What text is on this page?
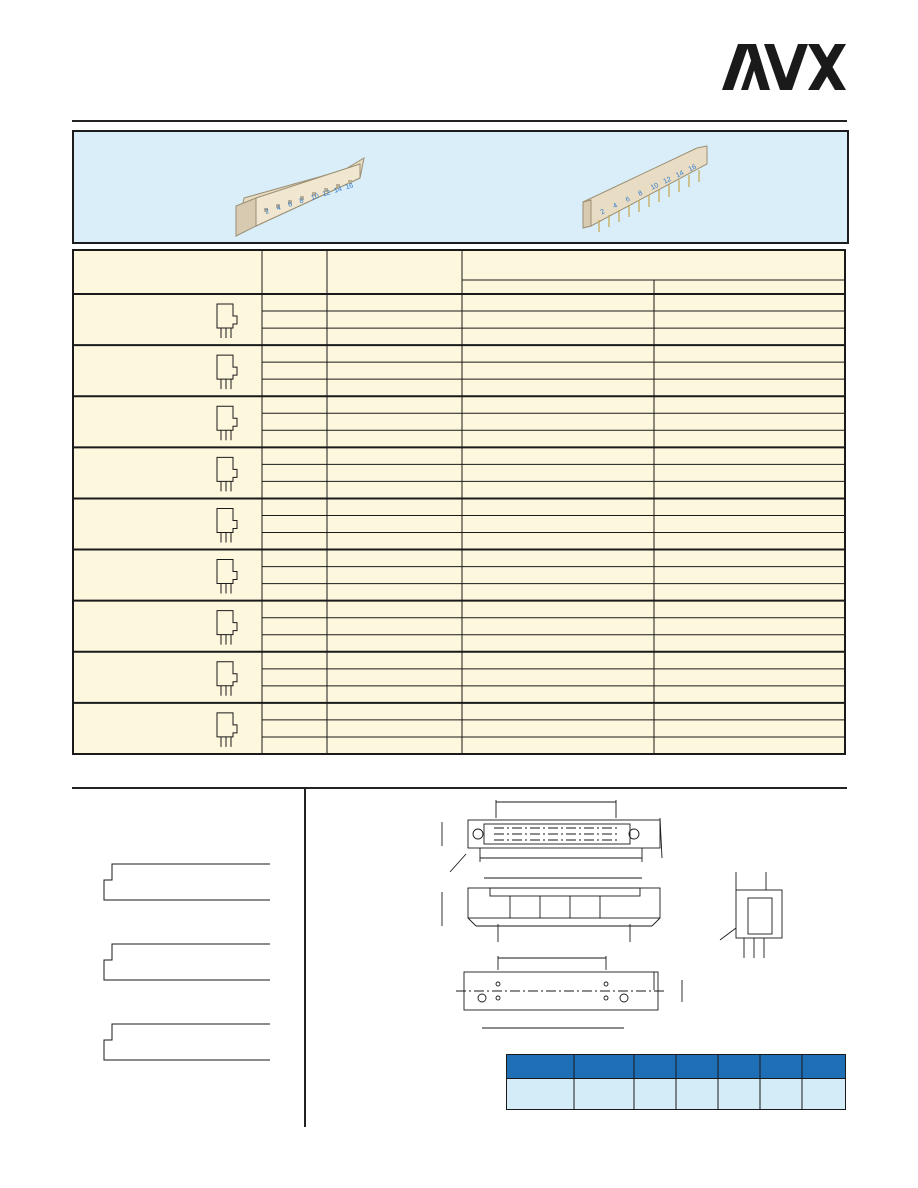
2 4 6 8 10 12 14 16
2
4
6
8
10
12
14
16
